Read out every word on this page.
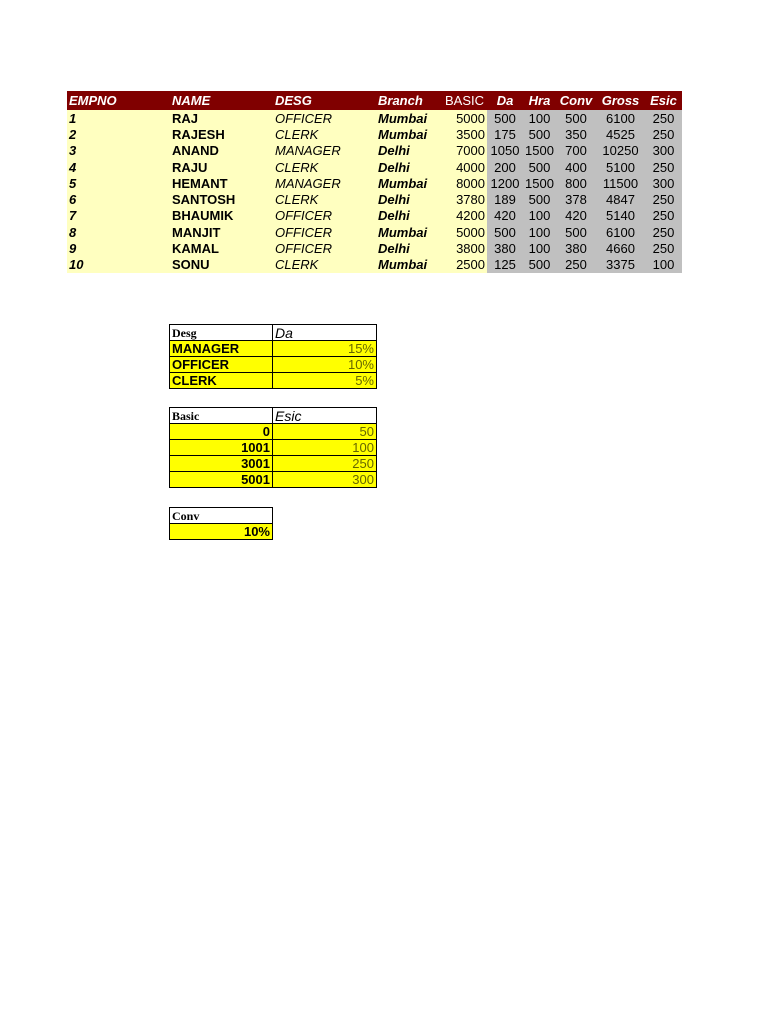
EMPNO	NAME	DESG	Branch	BASIC	Da	Hra	Conv	Gross	Esic
1	RAJ	OFFICER	Mumbai	5000	500	100	500	6100	250
2	RAJESH	CLERK	Mumbai	3500	175	500	350	4525	250
3	ANAND	MANAGER	Delhi	7000	1050	1500	700	10250	300
4	RAJU	CLERK	Delhi	4000	200	500	400	5100	250
5	HEMANT	MANAGER	Mumbai	8000	1200	1500	800	11500	300
6	SANTOSH	CLERK	Delhi	3780	189	500	378	4847	250
7	BHAUMIK	OFFICER	Delhi	4200	420	100	420	5140	250
8	MANJIT	OFFICER	Mumbai	5000	500	100	500	6100	250
9	KAMAL	OFFICER	Delhi	3800	380	100	380	4660	250
10	SONU	CLERK	Mumbai	2500	125	500	250	3375	100
Desg	Da
MANAGER	15%
OFFICER	10%
CLERK	5%
Basic	Esic
0	50
1001	100
3001	250
5001	300
Conv
10%
